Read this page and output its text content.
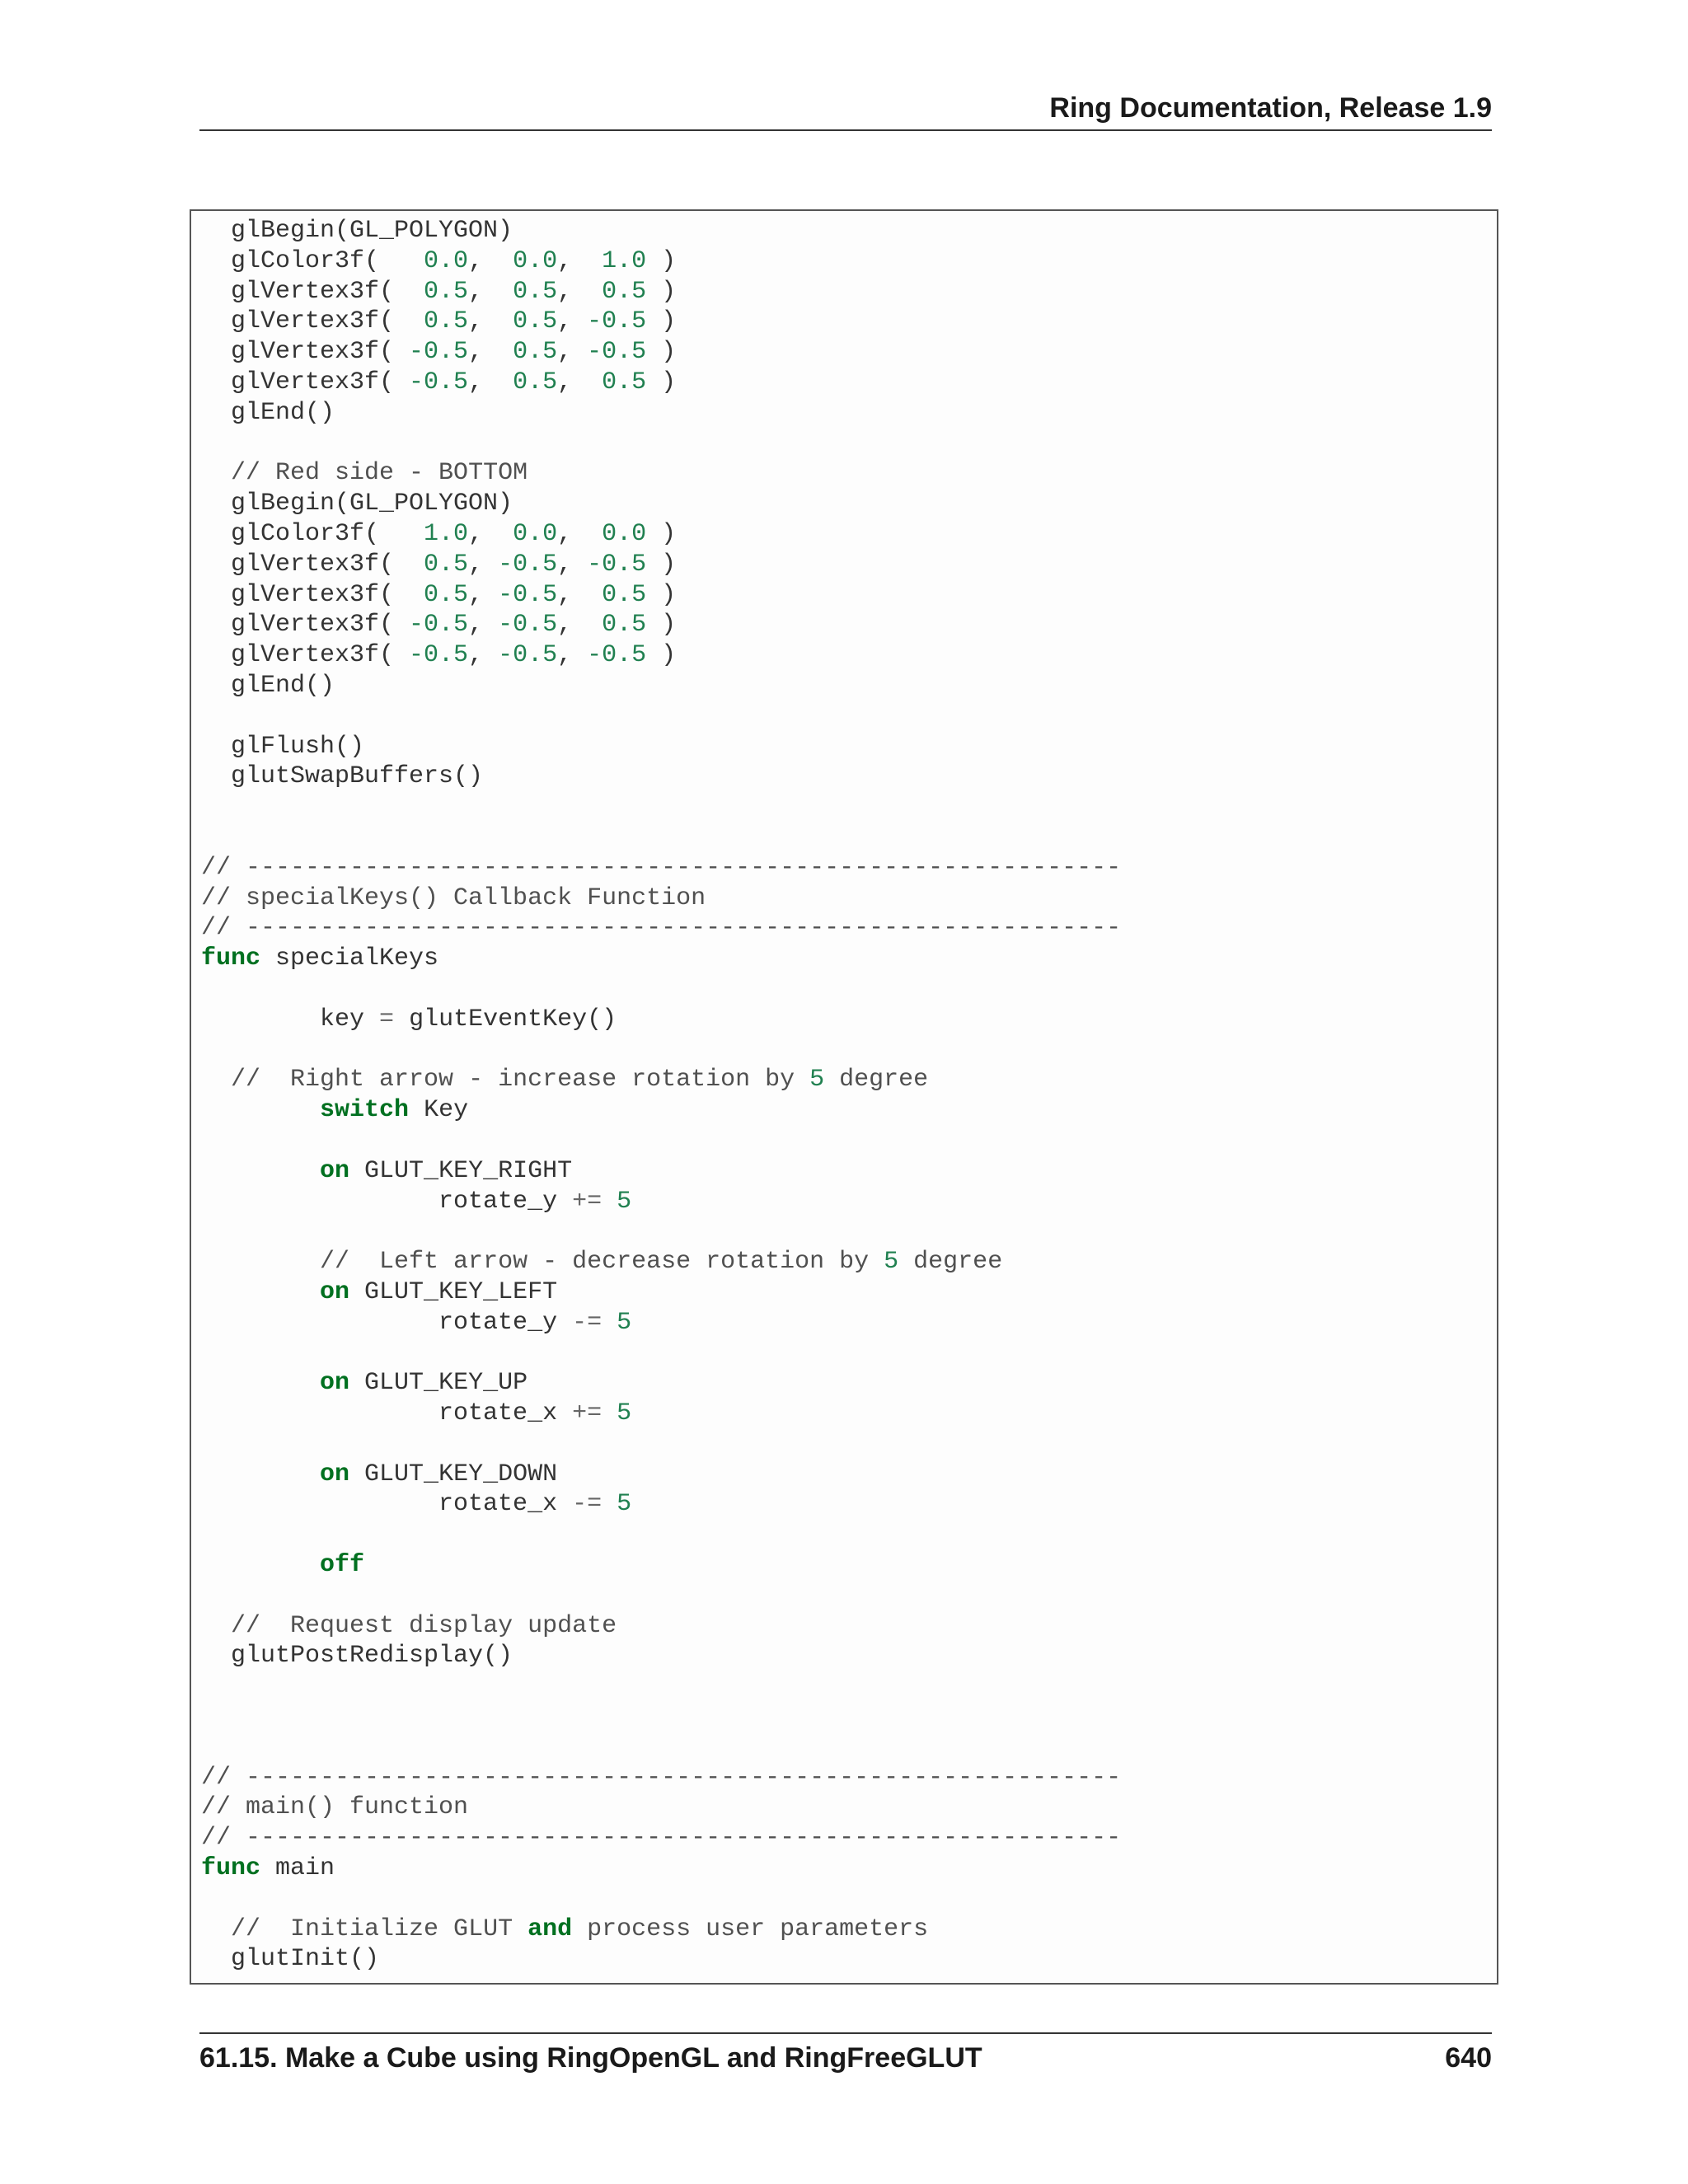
Ring Documentation, Release 1.9
glBegin(GL_POLYGON)
glColor3f(   0.0,  0.0,  1.0 )
glVertex3f(  0.5,  0.5,  0.5 )
glVertex3f(  0.5,  0.5, -0.5 )
glVertex3f( -0.5,  0.5, -0.5 )
glVertex3f( -0.5,  0.5,  0.5 )
glEnd()
// Red side - BOTTOM
glBegin(GL_POLYGON)
glColor3f(   1.0,  0.0,  0.0 )
glVertex3f(  0.5, -0.5, -0.5 )
glVertex3f(  0.5, -0.5,  0.5 )
glVertex3f( -0.5, -0.5,  0.5 )
glVertex3f( -0.5, -0.5, -0.5 )
glEnd()
glFlush()
glutSwapBuffers()
// -----------------------------------------------------------
// specialKeys() Callback Function
// -----------------------------------------------------------
func specialKeys
key = glutEventKey()
//  Right arrow - increase rotation by 5 degree
switch Key
on GLUT_KEY_RIGHT
rotate_y += 5
//  Left arrow - decrease rotation by 5 degree
on GLUT_KEY_LEFT
rotate_y -= 5
on GLUT_KEY_UP
rotate_x += 5
on GLUT_KEY_DOWN
rotate_x -= 5
off
//  Request display update
glutPostRedisplay()
// -----------------------------------------------------------
// main() function
// -----------------------------------------------------------
func main
//  Initialize GLUT and process user parameters
glutInit()
61.15. Make a Cube using RingOpenGL and RingFreeGLUT	640
